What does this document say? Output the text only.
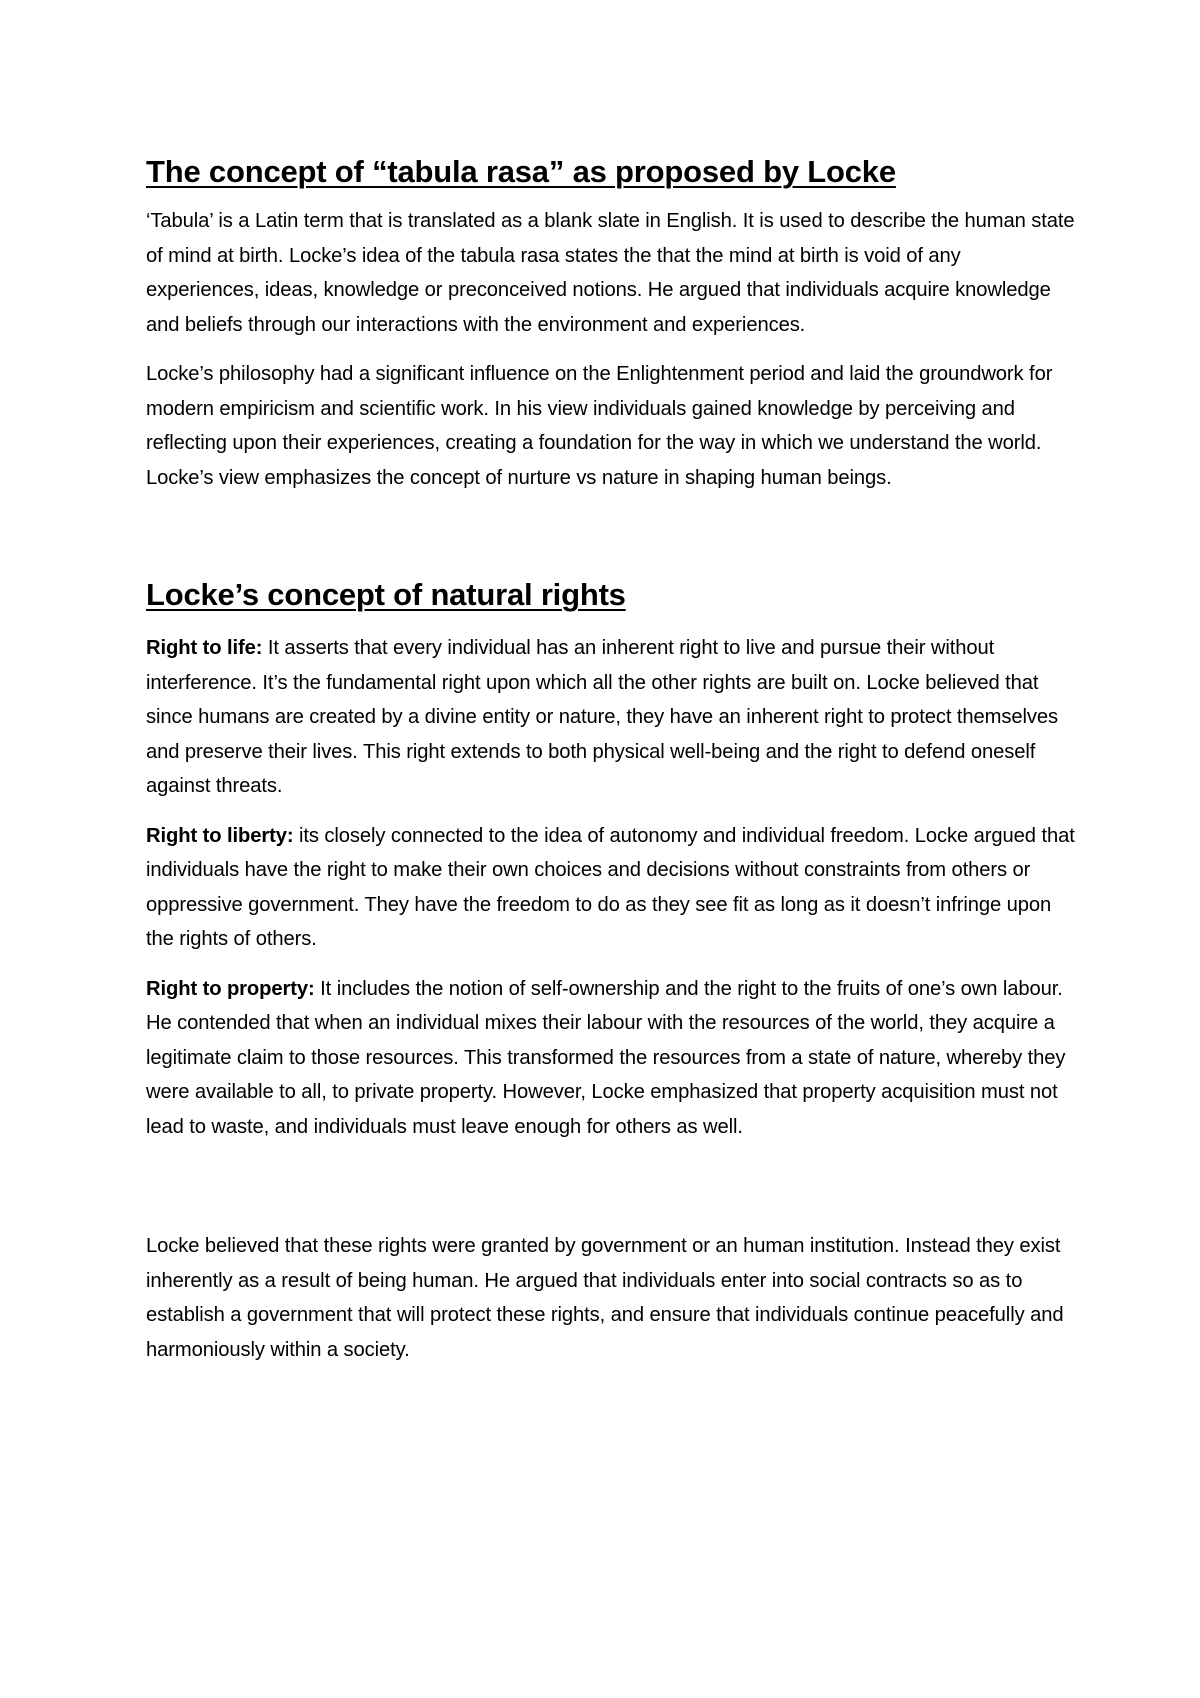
The concept of “tabula rasa” as proposed by Locke

‘Tabula’ is a Latin term that is translated as a blank slate in English. It is used to describe the human state of mind at birth. Locke’s idea of the tabula rasa states the that the mind at birth is void of any experiences, ideas, knowledge or preconceived notions. He argued that individuals acquire knowledge and beliefs through our interactions with the environment and experiences.

Locke’s philosophy had a significant influence on the Enlightenment period and laid the groundwork for modern empiricism and scientific work. In his view individuals gained knowledge by perceiving and reflecting upon their experiences, creating a foundation for the way in which we understand the world. Locke’s view emphasizes the concept of nurture vs nature in shaping human beings.

Locke’s concept of natural rights

Right to life: It asserts that every individual has an inherent right to live and pursue their without interference. It’s the fundamental right upon which all the other rights are built on. Locke believed that since humans are created by a divine entity or nature, they have an inherent right to protect themselves and preserve their lives. This right extends to both physical well-being and the right to defend oneself against threats.

Right to liberty: its closely connected to the idea of autonomy and individual freedom. Locke argued that individuals have the right to make their own choices and decisions without constraints from others or oppressive government. They have the freedom to do as they see fit as long as it doesn’t infringe upon the rights of others.

Right to property: It includes the notion of self-ownership and the right to the fruits of one’s own labour. He contended that when an individual mixes their labour with the resources of the world, they acquire a legitimate claim to those resources. This transformed the resources from a state of nature, whereby they were available to all, to private property. However, Locke emphasized that property acquisition must not lead to waste, and individuals must leave enough for others as well.

Locke believed that these rights were granted by government or an human institution. Instead they exist inherently as a result of being human. He argued that individuals enter into social contracts so as to establish a government that will protect these rights, and ensure that individuals continue peacefully and harmoniously within a society.
